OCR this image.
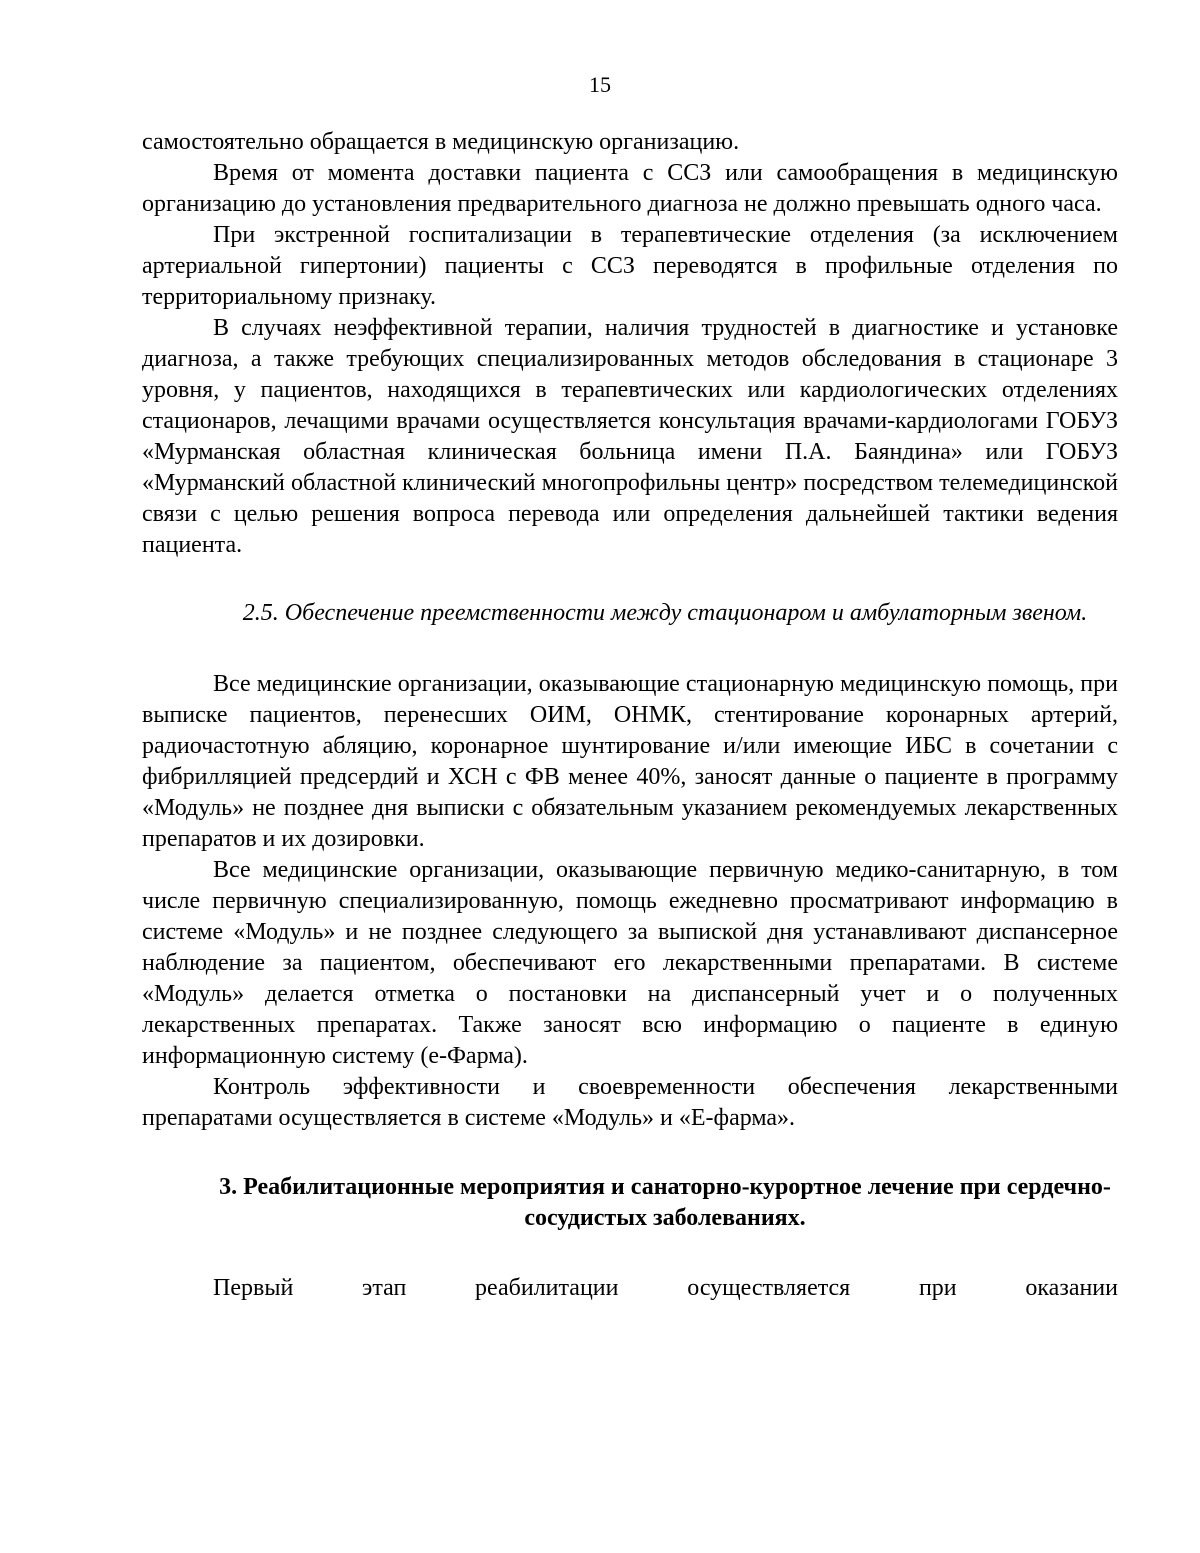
15

самостоятельно обращается в медицинскую организацию.

Время от момента доставки пациента с ССЗ или самообращения в медицинскую организацию до установления предварительного диагноза не должно превышать одного часа.

При экстренной госпитализации в терапевтические отделения (за исключением артериальной гипертонии) пациенты с ССЗ переводятся в профильные отделения по территориальному признаку.

В случаях неэффективной терапии, наличия трудностей в диагностике и установке диагноза, а также требующих специализированных методов обследования в стационаре 3 уровня, у пациентов, находящихся в терапевтических или кардиологических отделениях стационаров, лечащими врачами осуществляется консультация врачами-кардиологами ГОБУЗ «Мурманская областная клиническая больница имени П.А. Баяндина» или ГОБУЗ «Мурманский областной клинический многопрофильны центр» посредством телемедицинской связи с целью решения вопроса перевода или определения дальнейшей тактики ведения пациента.

2.5. Обеспечение преемственности между стационаром и амбулаторным звеном.

Все медицинские организации, оказывающие стационарную медицинскую помощь, при выписке пациентов, перенесших ОИМ, ОНМК, стентирование коронарных артерий, радиочастотную абляцию, коронарное шунтирование и/или имеющие ИБС в сочетании с фибрилляцией предсердий и ХСН с ФВ менее 40%, заносят данные о пациенте в программу «Модуль» не позднее дня выписки с обязательным указанием рекомендуемых лекарственных препаратов и их дозировки.

Все медицинские организации, оказывающие первичную медико-санитарную, в том числе первичную специализированную, помощь ежедневно просматривают информацию в системе «Модуль» и не позднее следующего за выпиской дня устанавливают диспансерное наблюдение за пациентом, обеспечивают его лекарственными препаратами. В системе «Модуль» делается отметка о постановки на диспансерный учет и о полученных лекарственных препаратах. Также заносят всю информацию о пациенте в единую информационную систему (е-Фарма).

Контроль эффективности и своевременности обеспечения лекарственными препаратами осуществляется в системе «Модуль» и «Е-фарма».

3. Реабилитационные мероприятия и санаторно-курортное лечение при сердечно-сосудистых заболеваниях.

Первый этап реабилитации осуществляется при оказании
